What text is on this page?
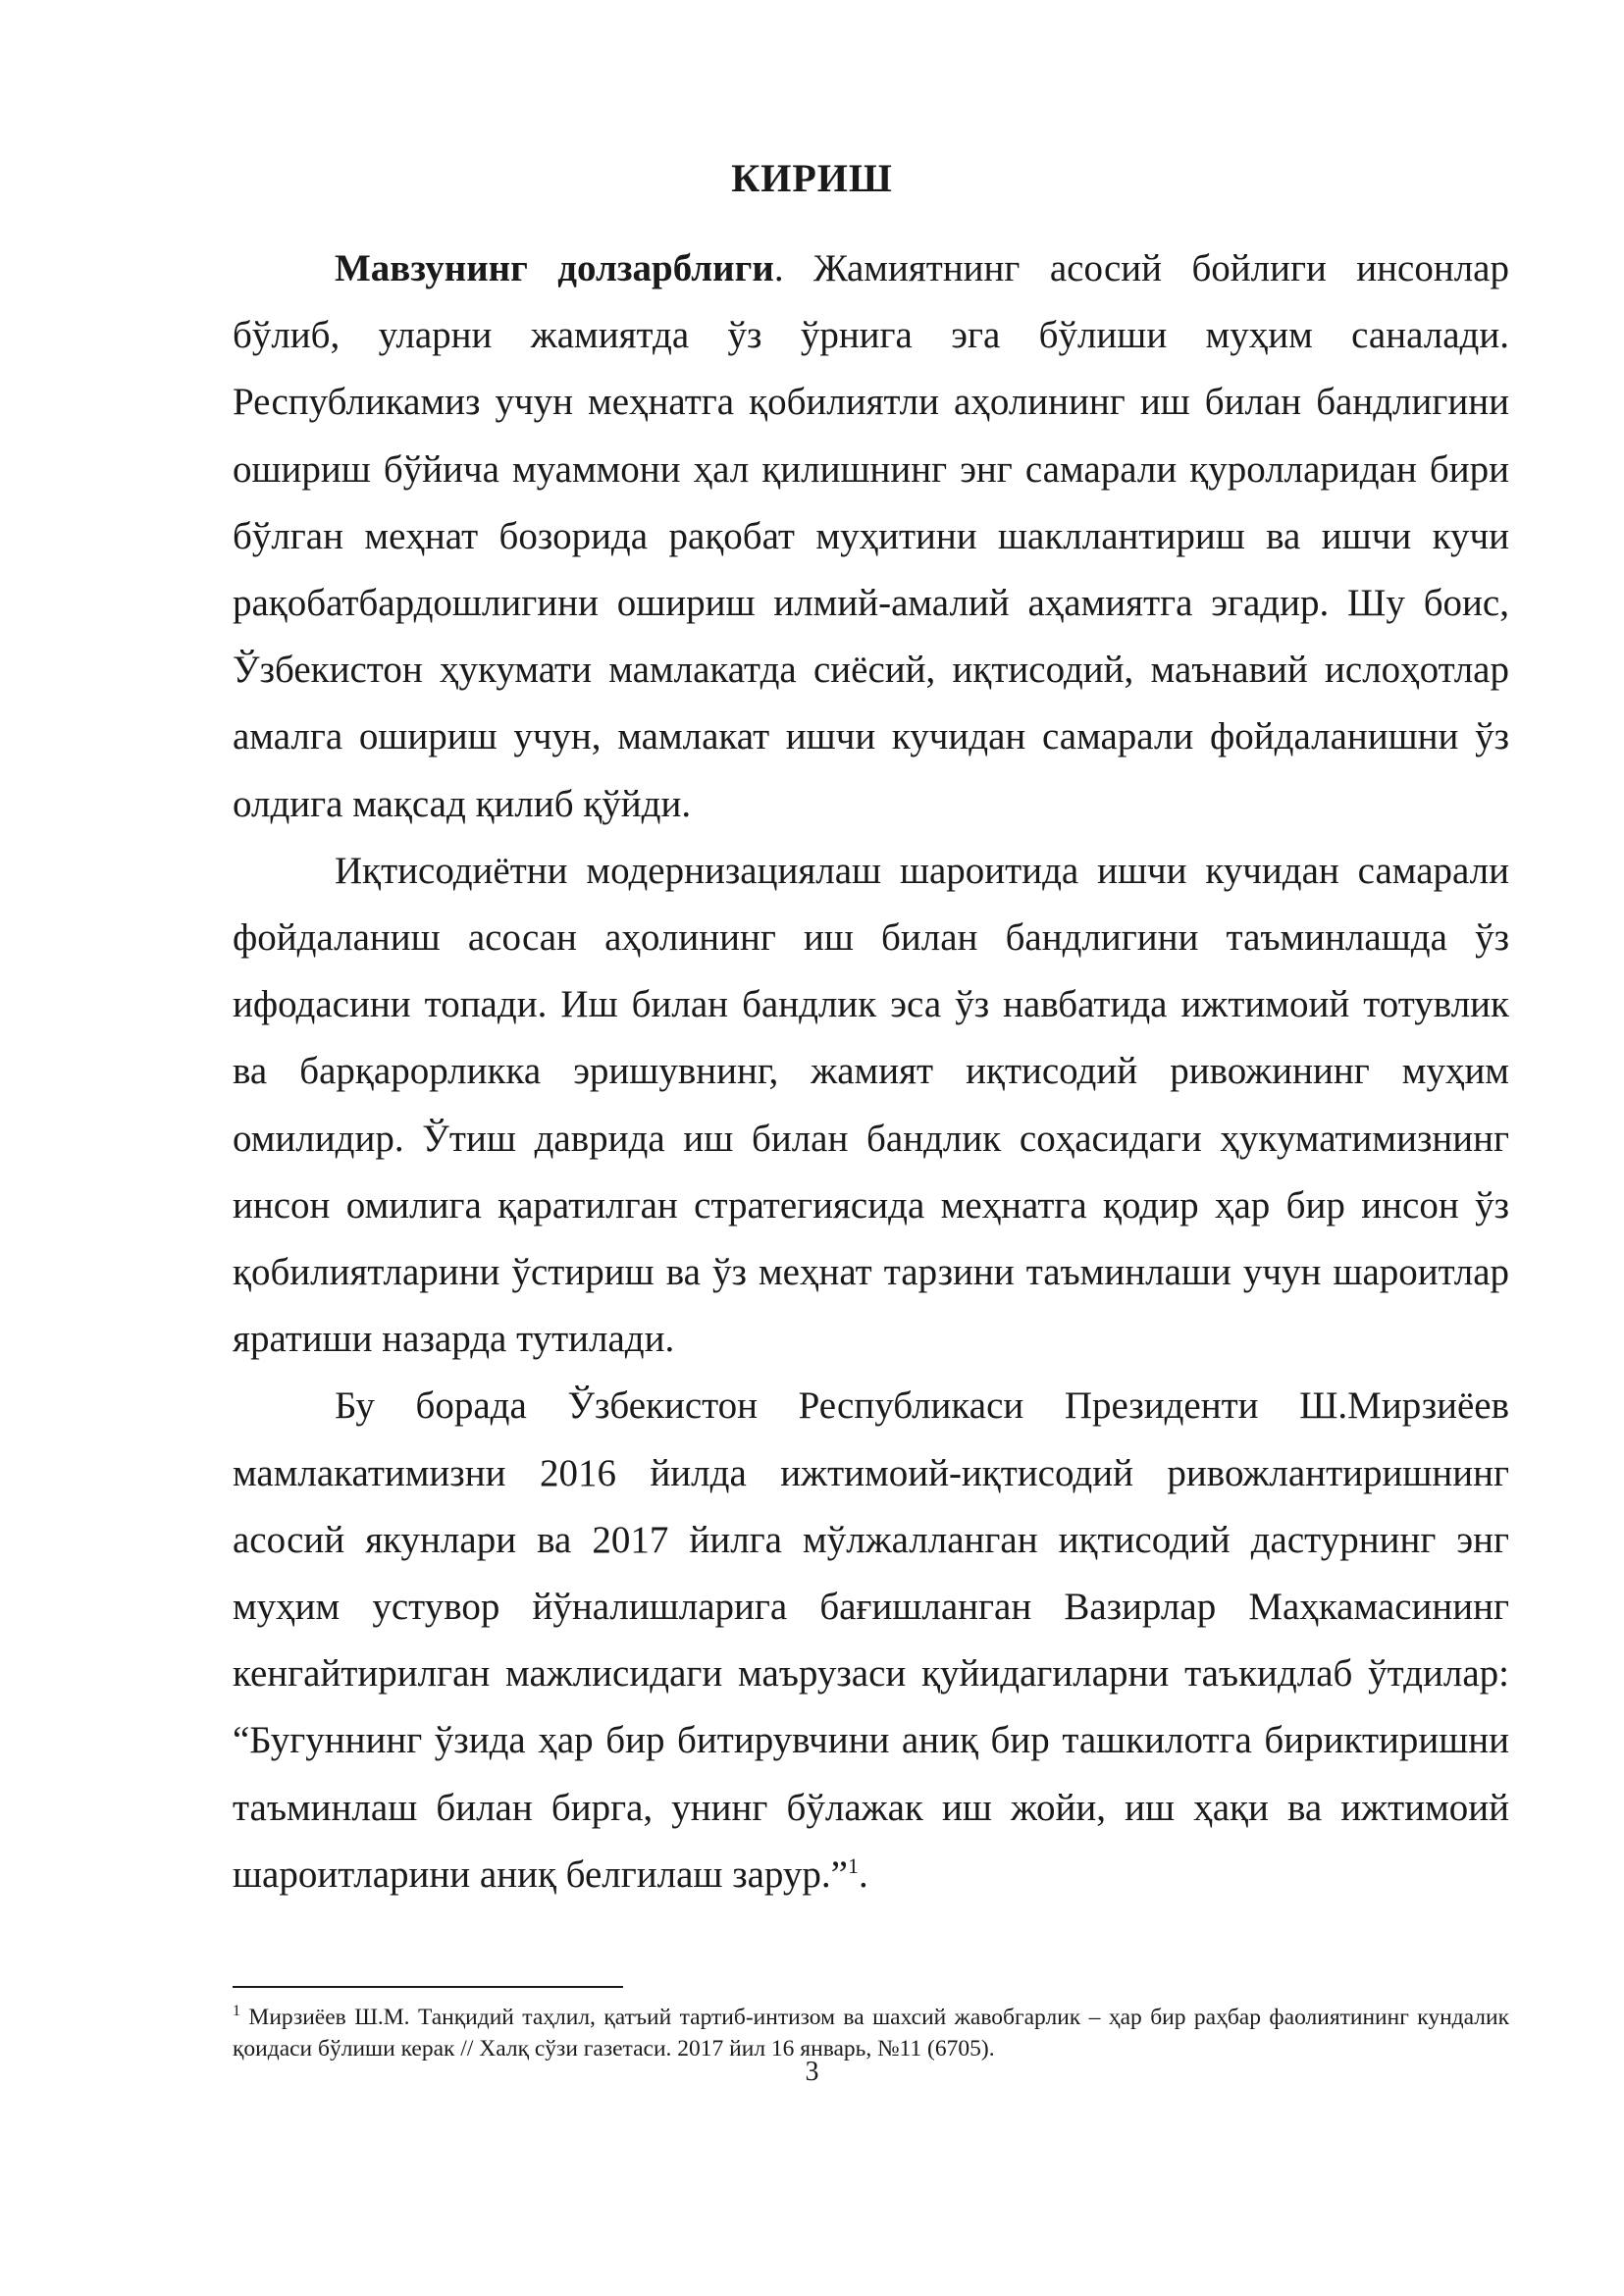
КИРИШ

Мавзунинг долзарблиги. Жамиятнинг асосий бойлиги инсонлар бўлиб, уларни жамиятда ўз ўрнига эга бўлиши муҳим саналади. Республикамиз учун меҳнатга қобилиятли аҳолининг иш билан бандлигини ошириш бўйича муаммони ҳал қилишнинг энг самарали қуролларидан бири бўлган меҳнат бозорида рақобат муҳитини шакллантириш ва ишчи кучи рақобатбардошлигини ошириш илмий-амалий аҳамиятга эгадир. Шу боис, Ўзбекистон ҳукумати мамлакатда сиёсий, иқтисодий, маънавий ислоҳотлар амалга ошириш учун, мамлакат ишчи кучидан самарали фойдаланишни ўз олдига мақсад қилиб қўйди.

Иқтисодиётни модернизациялаш шароитида ишчи кучидан самарали фойдаланиш асосан аҳолининг иш билан бандлигини таъминлашда ўз ифодасини топади. Иш билан бандлик эса ўз навбатида ижтимоий тотувлик ва барқарорликка эришувнинг, жамият иқтисодий ривожининг муҳим омилидир. Ўтиш даврида иш билан бандлик соҳасидаги ҳукуматимизнинг инсон омилига қаратилган стратегиясида меҳнатга қодир ҳар бир инсон ўз қобилиятларини ўстириш ва ўз меҳнат тарзини таъминлаши учун шароитлар яратиши назарда тутилади.

Бу борада Ўзбекистон Республикаси Президенти Ш.Мирзиёев мамлакатимизни 2016 йилда ижтимоий-иқтисодий ривожлантиришнинг асосий якунлари ва 2017 йилга мўлжалланган иқтисодий дастурнинг энг муҳим устувор йўналишларига бағишланган Вазирлар Маҳкамасининг кенгайтирилган мажлисидаги маърузаси қуйидагиларни таъкидлаб ўтдилар: “Бугуннинг ўзида ҳар бир битирувчини аниқ бир ташкилотга бириктиришни таъминлаш билан бирга, унинг бўлажак иш жойи, иш ҳақи ва ижтимоий шароитларини аниқ белгилаш зарур.”$^1$.

$^1$ Мирзиёев Ш.М. Танқидий таҳлил, қатъий тартиб-интизом ва шахсий жавобгарлик – ҳар бир раҳбар фаолиятининг кундалик қоидаси бўлиши керак // Халқ сўзи газетаси. 2017 йил 16 январь, №11 (6705).
3
